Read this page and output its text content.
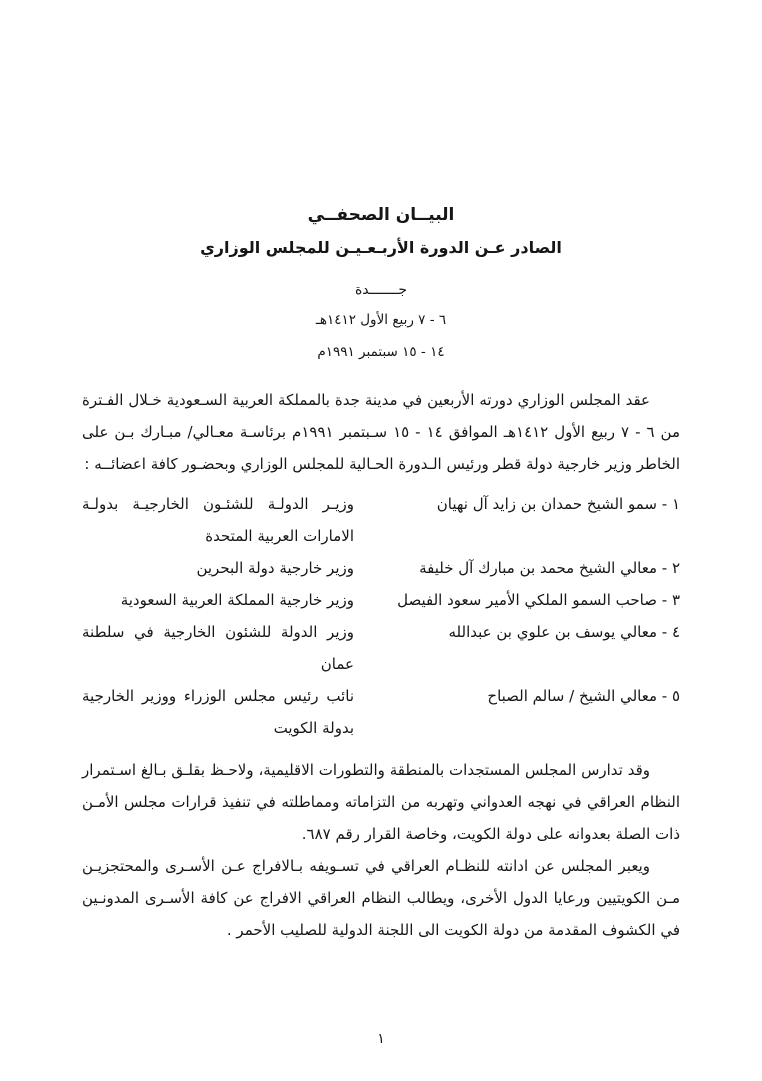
البيــان الصحفــي
الصادر عـن الدورة الأربـعـيـن للمجلس الوزاري
جـــــــدة
٦ - ٧ ربيع الأول ١٤١٢هـ
١٤ - ١٥ سبتمبر ١٩٩١م

عقد المجلس الوزاري دورته الأربعين في مدينة جدة بالمملكة العربية السـعودية خـلال الفـترة من ٦ - ٧ ربيع الأول ١٤١٢هـ الموافق ١٤ - ١٥ سـبتمبر ١٩٩١م برئاسـة معـالي/ مبـارك بـن على الخاطر وزير خارجية دولة قطر ورئيس الـدورة الحـالية للمجلس الوزاري وبحضـور كافة اعضائــه :

١ - سمو الشيخ حمدان بن زايد آل نهيان
وزيـر الدولـة للشئـون الخارجيـة بدولـة الامارات العربية المتحدة
٢ - معالي الشيخ محمد بن مبارك آل خليفة
وزير خارجية دولة البحرين
٣ - صاحب السمو الملكي الأمير سعود الفيصل
وزير خارجية المملكة العربية السعودية
٤ - معالي يوسف بن علوي بن عبدالله
وزير الدولة للشئون الخارجية في سلطنة عمان
٥ - معالي الشيخ / سالم الصباح
نائب رئيس مجلس الوزراء ووزير الخارجية بدولة الكويت

وقد تدارس المجلس المستجدات بالمنطقة والتطورات الاقليمية، ولاحـظ بقلـق بـالغ اسـتمرار النظام العراقي في نهجه العدواني وتهربه من التزاماته ومماطلته في تنفيذ قرارات مجلس الأمـن ذات الصلة بعدوانه على دولة الكويت، وخاصة القرار رقم ٦٨٧.

ويعبر المجلس عن ادانته للنظـام العراقي في تسـويفه بـالافراج عـن الأسـرى والمحتجزيـن مـن الكويتيين ورعايا الدول الأخرى، ويطالب النظام العراقي الافراج عن كافة الأسـرى المدونـين في الكشوف المقدمة من دولة الكويت الى اللجنة الدولية للصليب الأحمر .

١
